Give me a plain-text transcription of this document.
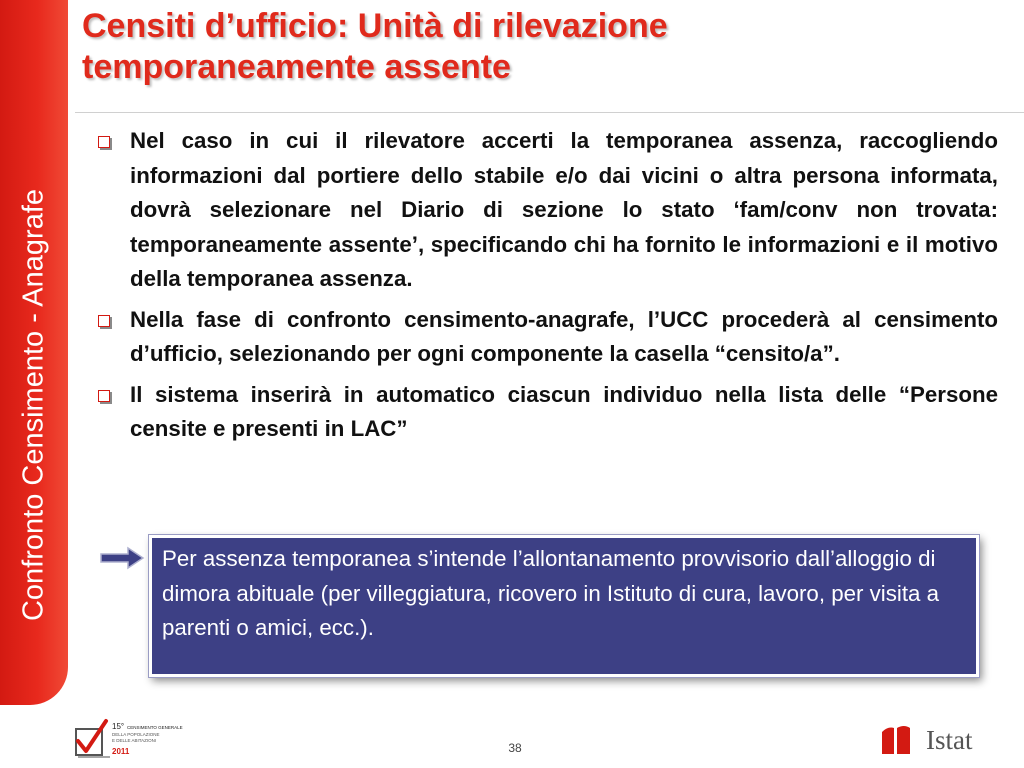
Confronto Censimento - Anagrafe
Censiti d’ufficio: Unità di rilevazione
temporaneamente assente
Nel caso in cui il rilevatore accerti la temporanea assenza, raccogliendo informazioni dal portiere dello stabile e/o dai vicini o altra persona informata, dovrà selezionare nel Diario di sezione lo stato ‘fam/conv non trovata: temporaneamente assente’, specificando chi ha fornito le informazioni e il motivo della temporanea assenza.
Nella fase di confronto censimento-anagrafe, l’UCC procederà al censimento d’ufficio, selezionando per ogni componente la casella “censito/a”.
Il sistema inserirà in automatico ciascun individuo nella lista delle “Persone censite e presenti in LAC”
Per assenza temporanea s’intende l’allontanamento provvisorio dall’alloggio di dimora abituale (per villeggiatura, ricovero in Istituto di cura, lavoro, per visita a parenti o amici, ecc.).
15° CENSIMENTO GENERALE
DELLA POPOLAZIONE
E DELLE ABITAZIONI
2011	38	Istat
